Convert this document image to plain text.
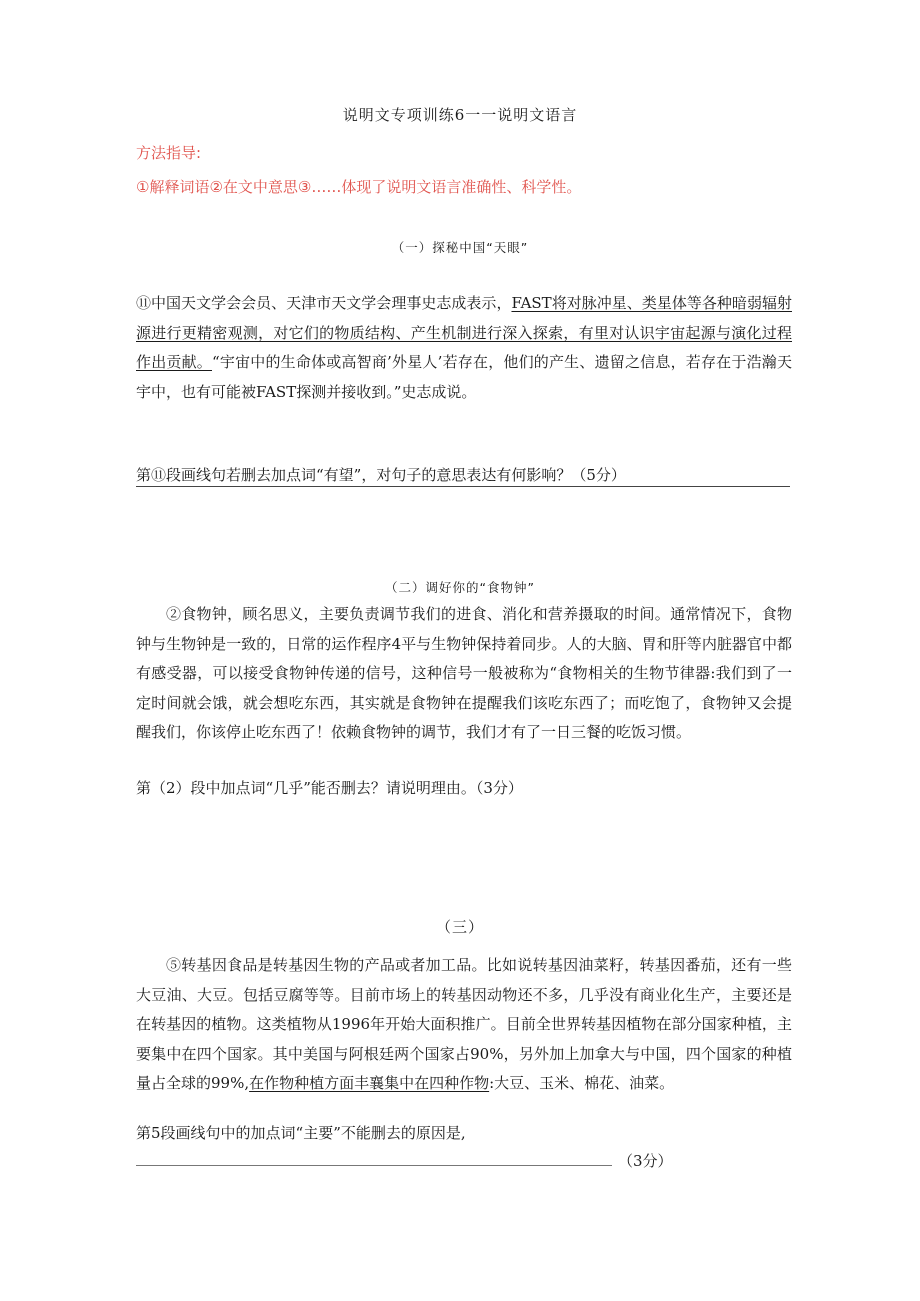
说明文专项训练6一一说明文语言
方法指导:
①解释词语②在文中意思③……体现了说明文语言准确性、科学性。
（一）探秘中国“天眼”

⑪中国天文学会会员、天津市天文学会理事史志成表示，FAST将对脉冲星、类星体等各种暗弱辐射源进行更精密观测，对它们的物质结构、产生机制进行深入探索，有里对认识宇宙起源与演化过程作出贡献。“宇宙中的生命体或高智商’外星人’若存在，他们的产生、遗留之信息，若存在于浩瀚天宇中，也有可能被FAST探测并接收到。”史志成说。

第⑪段画线句若删去加点词“有望”，对句子的意思表达有何影响？（5分）
（二）调好你的“食物钟”

②食物钟，顾名思义，主要负责调节我们的进食、消化和营养摄取的时间。通常情况下，食物钟与生物钟是一致的，日常的运作程序4平与生物钟保持着同步。人的大脑、胃和肝等内脏器官中都有感受器，可以接受食物钟传递的信号，这种信号一般被称为“食物相关的生物节律器:我们到了一定时间就会饿，就会想吃东西，其实就是食物钟在提醒我们该吃东西了；而吃饱了，食物钟又会提醒我们，你该停止吃东西了！依赖食物钟的调节，我们才有了一日三餐的吃饭习惯。

第（2）段中加点词“几乎”能否删去？请说明理由。（3分）
（三）

⑤转基因食品是转基因生物的产品或者加工品。比如说转基因油菜籽，转基因番茄，还有一些大豆油、大豆。包括豆腐等等。目前市场上的转基因动物还不多，几乎没有商业化生产，主要还是在转基因的植物。这类植物从1996年开始大面积推广。目前全世界转基因植物在部分国家种植，主要集中在四个国家。其中美国与阿根廷两个国家占90%，另外加上加拿大与中国，四个国家的种植量占全球的99%,在作物种植方面丰襄集中在四种作物:大豆、玉米、棉花、油菜。

第5段画线句中的加点词“主要”不能删去的原因是,
（3分）
